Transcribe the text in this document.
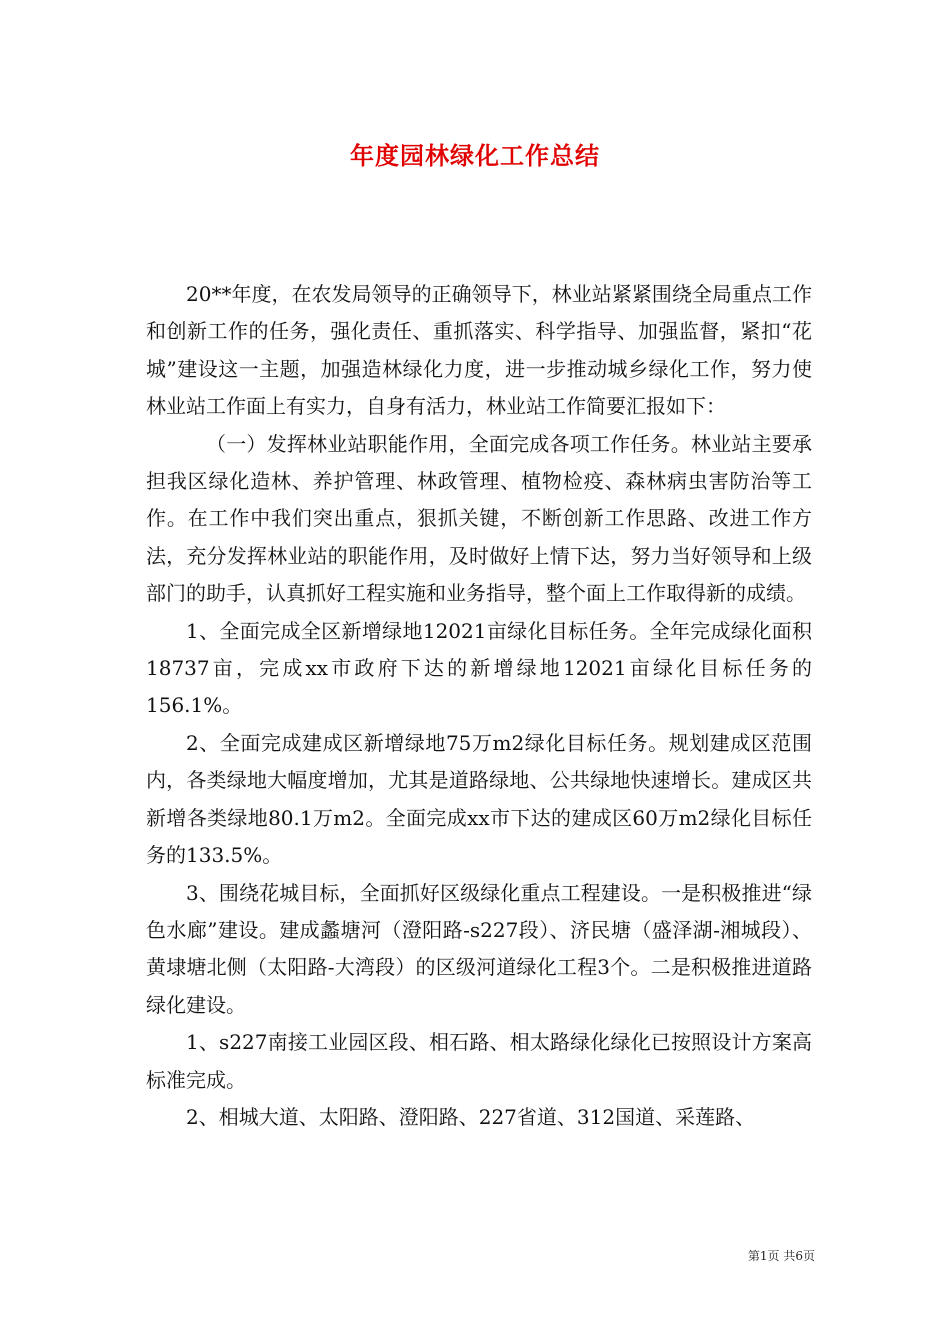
年度园林绿化工作总结

20**年度，在农发局领导的正确领导下，林业站紧紧围绕全局重点工作和创新工作的任务，强化责任、重抓落实、科学指导、加强监督，紧扣“花城”建设这一主题，加强造林绿化力度，进一步推动城乡绿化工作，努力使林业站工作面上有实力，自身有活力，林业站工作简要汇报如下：

（一）发挥林业站职能作用，全面完成各项工作任务。林业站主要承担我区绿化造林、养护管理、林政管理、植物检疫、森林病虫害防治等工作。在工作中我们突出重点，狠抓关键，不断创新工作思路、改进工作方法，充分发挥林业站的职能作用，及时做好上情下达，努力当好领导和上级部门的助手，认真抓好工程实施和业务指导，整个面上工作取得新的成绩。

1、全面完成全区新增绿地12021亩绿化目标任务。全年完成绿化面积18737亩，完成xx市政府下达的新增绿地12021亩绿化目标任务的156.1%。

2、全面完成建成区新增绿地75万m2绿化目标任务。规划建成区范围内，各类绿地大幅度增加，尤其是道路绿地、公共绿地快速增长。建成区共新增各类绿地80.1万m2。全面完成xx市下达的建成区60万m2绿化目标任务的133.5%。

3、围绕花城目标，全面抓好区级绿化重点工程建设。一是积极推进“绿色水廊”建设。建成蠡塘河（澄阳路-s227段）、济民塘（盛泽湖-湘城段）、黄埭塘北侧（太阳路-大湾段）的区级河道绿化工程3个。二是积极推进道路绿化建设。

1、s227南接工业园区段、相石路、相太路绿化绿化已按照设计方案高标准完成。

2、相城大道、太阳路、澄阳路、227省道、312国道、采莲路、

第1页 共6页
